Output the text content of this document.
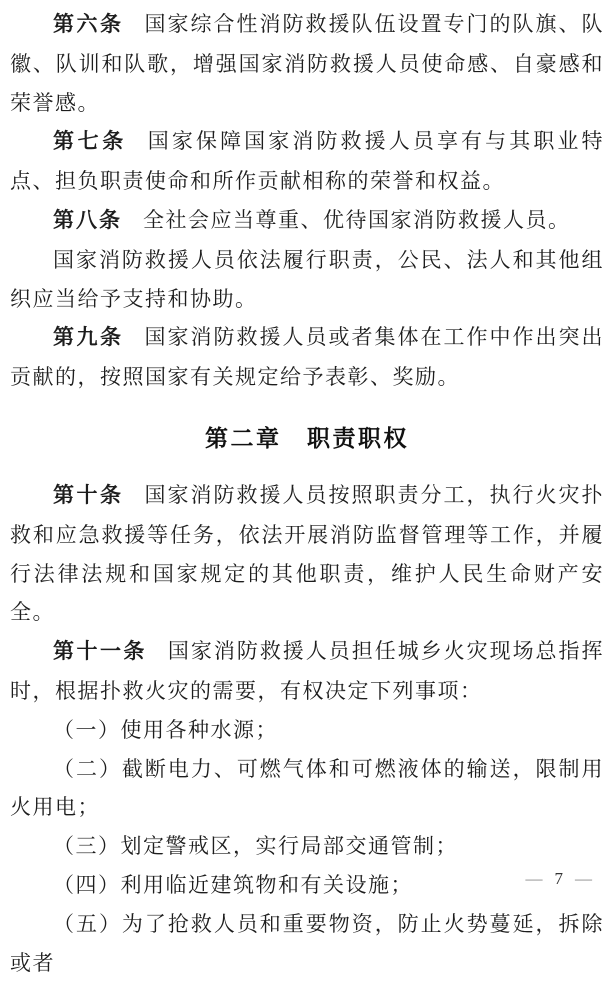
第六条 国家综合性消防救援队伍设置专门的队旗、队徽、队训和队歌，增强国家消防救援人员使命感、自豪感和荣誉感。

第七条 国家保障国家消防救援人员享有与其职业特点、担负职责使命和所作贡献相称的荣誉和权益。

第八条 全社会应当尊重、优待国家消防救援人员。

国家消防救援人员依法履行职责，公民、法人和其他组织应当给予支持和协助。

第九条 国家消防救援人员或者集体在工作中作出突出贡献的，按照国家有关规定给予表彰、奖励。

第二章　职责职权

第十条 国家消防救援人员按照职责分工，执行火灾扑救和应急救援等任务，依法开展消防监督管理等工作，并履行法律法规和国家规定的其他职责，维护人民生命财产安全。

第十一条 国家消防救援人员担任城乡火灾现场总指挥时，根据扑救火灾的需要，有权决定下列事项：

（一）使用各种水源；

（二）截断电力、可燃气体和可燃液体的输送，限制用火用电；

（三）划定警戒区，实行局部交通管制；

（四）利用临近建筑物和有关设施；

（五）为了抢救人员和重要物资，防止火势蔓延，拆除或者

— 7 —
